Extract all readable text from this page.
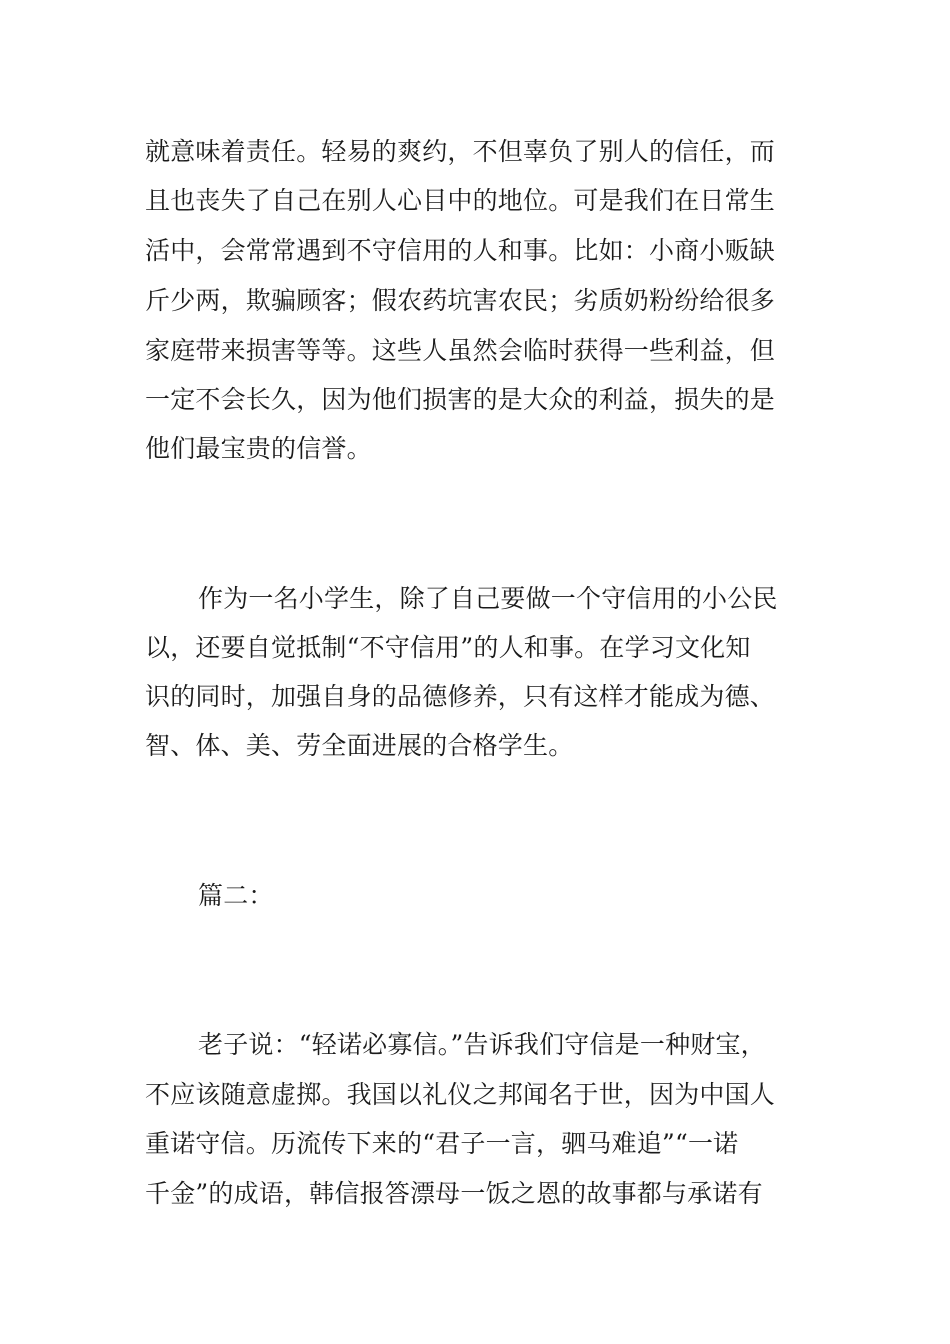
就意味着责任。轻易的爽约，不但辜负了别人的信任，而
且也丧失了自己在别人心目中的地位。可是我们在日常生
活中，会常常遇到不守信用的人和事。比如：小商小贩缺
斤少两，欺骗顾客；假农药坑害农民；劣质奶粉纷给很多
家庭带来损害等等。这些人虽然会临时获得一些利益，但
一定不会长久，因为他们损害的是大众的利益，损失的是
他们最宝贵的信誉。
作为一名小学生，除了自己要做一个守信用的小公民
以，还要自觉抵制“不守信用”的人和事。在学习文化知
识的同时，加强自身的品德修养，只有这样才能成为德、
智、体、美、劳全面进展的合格学生。
篇二：
老子说：“轻诺必寡信。”告诉我们守信是一种财宝，
不应该随意虚掷。我国以礼仪之邦闻名于世，因为中国人
重诺守信。历流传下来的“君子一言，驷马难追”“一诺
千金”的成语，韩信报答漂母一饭之恩的故事都与承诺有
